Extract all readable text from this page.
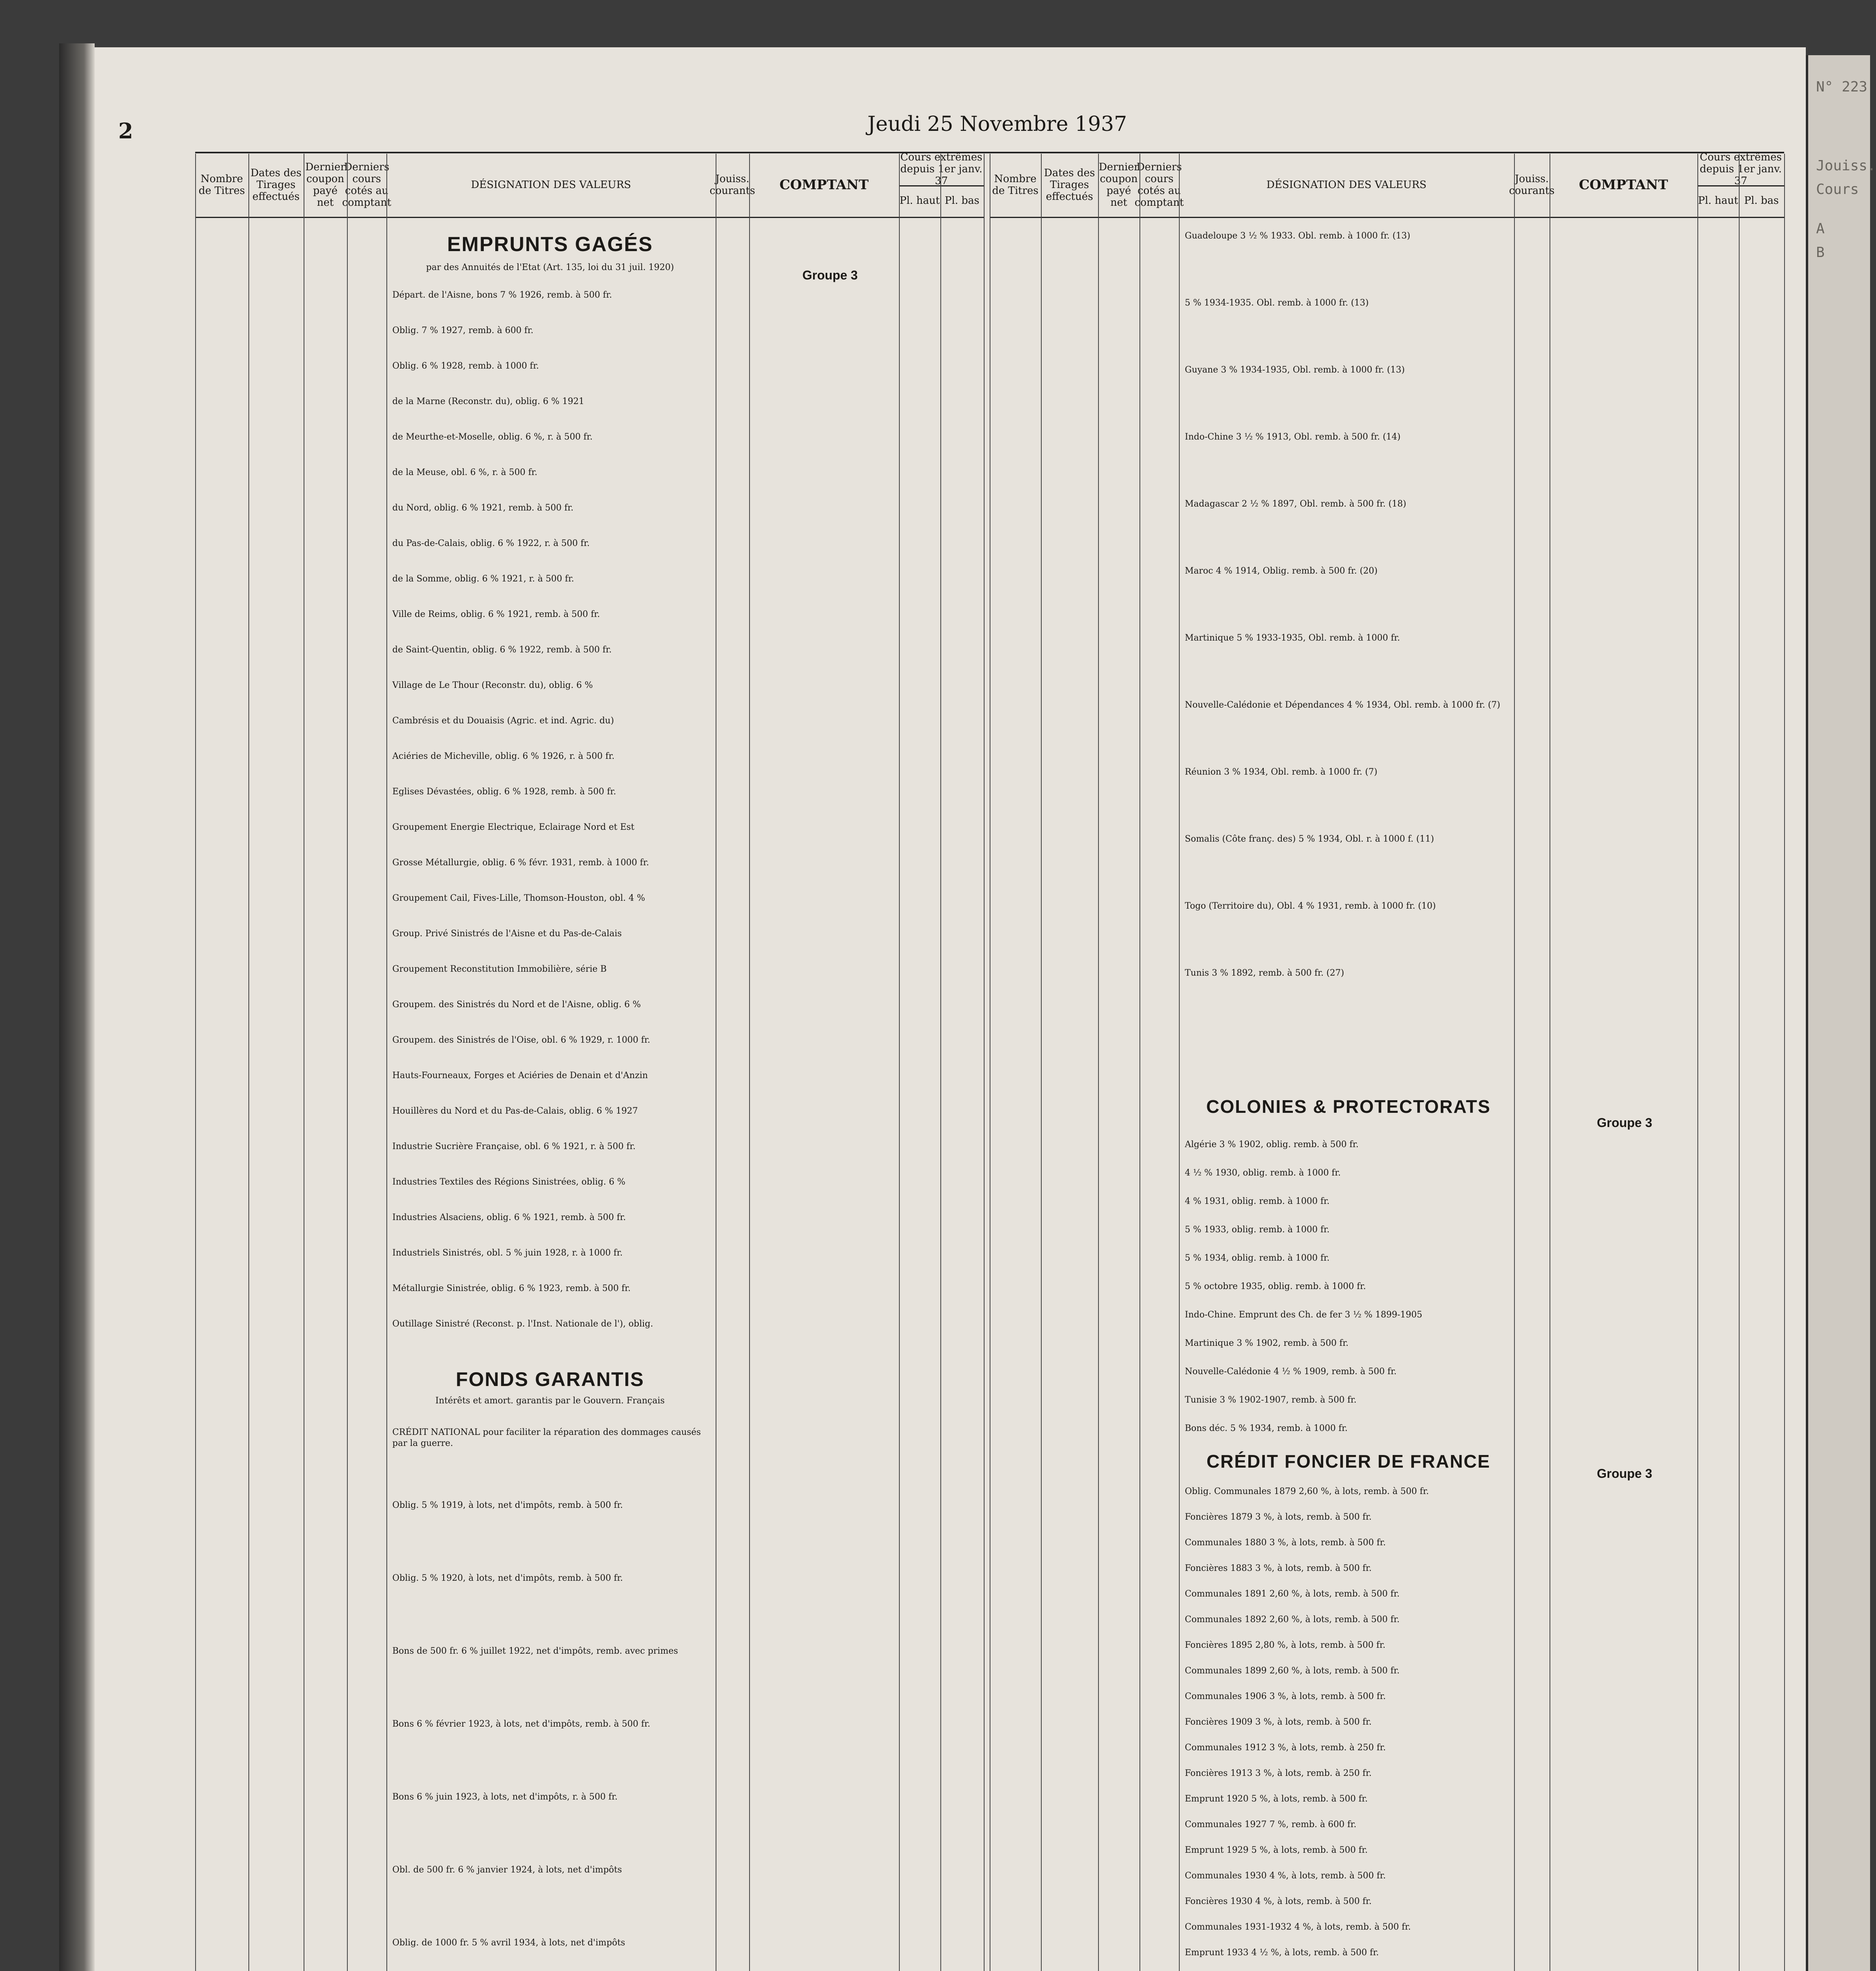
N° 223
Jouiss.
Cours
A
B
2	Jeudi 25 Novembre 1937
Nombre de Titres
Dates des Tirages effectués
Dernier coupon payé net
Derniers cours cotés au comptant
DÉSIGNATION DES VALEURS	Jouiss. courants	COMPTANT
Cours extrêmes depuis 1er janv. 37
Pl. haut Pl. bas
EMPRUNTS GAGÉS
par des Annuités de l'Etat (Art. 135, loi du 31 juil. 1920)
Groupe 3
Départ. de l'Aisne, bons 7 % 1926, remb. à 500 fr.
Oblig. 7 % 1927, remb. à 600 fr.
Oblig. 6 % 1928, remb. à 1000 fr.
de la Marne (Reconstr. du), oblig. 6 % 1921
de Meurthe-et-Moselle, oblig. 6 %, r. à 500 fr.
de la Meuse, obl. 6 %, r. à 500 fr.
du Nord, oblig. 6 % 1921, remb. à 500 fr.
du Pas-de-Calais, oblig. 6 % 1922, r. à 500 fr.
de la Somme, oblig. 6 % 1921, r. à 500 fr.
Ville de Reims, oblig. 6 % 1921, remb. à 500 fr.
de Saint-Quentin, oblig. 6 % 1922, remb. à 500 fr.
Village de Le Thour (Reconstr. du), oblig. 6 %
Cambrésis et du Douaisis (Agric. et ind. Agric. du)
Aciéries de Micheville, oblig. 6 % 1926, r. à 500 fr.
Eglises Dévastées, oblig. 6 % 1928, remb. à 500 fr.
Groupement Energie Electrique, Eclairage Nord et Est
Grosse Métallurgie, oblig. 6 % févr. 1931, remb. à 1000 fr.
Groupement Cail, Fives-Lille, Thomson-Houston, obl. 4 %
Group. Privé Sinistrés de l'Aisne et du Pas-de-Calais
Groupement Reconstitution Immobilière, série B
Groupem. des Sinistrés du Nord et de l'Aisne, oblig. 6 %
Groupem. des Sinistrés de l'Oise, obl. 6 % 1929, r. 1000 fr.
Hauts-Fourneaux, Forges et Aciéries de Denain et d'Anzin
Houillères du Nord et du Pas-de-Calais, oblig. 6 % 1927
Industrie Sucrière Française, obl. 6 % 1921, r. à 500 fr.
Industries Textiles des Régions Sinistrées, oblig. 6 %
Industries Alsaciens, oblig. 6 % 1921, remb. à 500 fr.
Industriels Sinistrés, obl. 5 % juin 1928, r. à 1000 fr.
Métallurgie Sinistrée, oblig. 6 % 1923, remb. à 500 fr.
Outillage Sinistré (Reconst. p. l'Inst. Nationale de l'), oblig.
FONDS GARANTIS
Intérêts et amort. garantis par le Gouvern. Français
CRÉDIT NATIONAL pour faciliter la réparation des dommages causés par la guerre.
Oblig. 5 % 1919, à lots, net d'impôts, remb. à 500 fr.
Oblig. 5 % 1920, à lots, net d'impôts, remb. à 500 fr.
Bons de 500 fr. 6 % juillet 1922, net d'impôts, remb. avec primes
Bons 6 % février 1923, à lots, net d'impôts, remb. à 500 fr.
Bons 6 % juin 1923, à lots, net d'impôts, r. à 500 fr.
Obl. de 500 fr. 6 % janvier 1924, à lots, net d'impôts
Oblig. de 1000 fr. 5 % avril 1934, à lots, net d'impôts
Nombre de Titres
Dates des Tirages effectués
Dernier coupon payé net
Derniers cours cotés au comptant
DÉSIGNATION DES VALEURS	Jouiss. courants	COMPTANT
Cours extrêmes depuis 1er janv. 37
Pl. haut Pl. bas
Guadeloupe 3 ½ % 1933. Obl. remb. à 1000 fr. (13)
5 % 1934-1935. Obl. remb. à 1000 fr. (13)
Guyane 3 % 1934-1935, Obl. remb. à 1000 fr. (13)
Indo-Chine 3 ½ % 1913, Obl. remb. à 500 fr. (14)
Madagascar 2 ½ % 1897, Obl. remb. à 500 fr. (18)
Maroc 4 % 1914, Oblig. remb. à 500 fr. (20)
Martinique 5 % 1933-1935, Obl. remb. à 1000 fr.
Nouvelle-Calédonie et Dépendances 4 % 1934, Obl. remb. à 1000 fr. (7)
Réunion 3 % 1934, Obl. remb. à 1000 fr. (7)
Somalis (Côte franç. des) 5 % 1934, Obl. r. à 1000 f. (11)
Togo (Territoire du), Obl. 4 % 1931, remb. à 1000 fr. (10)
Tunis 3 % 1892, remb. à 500 fr. (27)
COLONIES & PROTECTORATS
Groupe 3
Algérie 3 % 1902, oblig. remb. à 500 fr.
4 ½ % 1930, oblig. remb. à 1000 fr.
4 % 1931, oblig. remb. à 1000 fr.
5 % 1933, oblig. remb. à 1000 fr.
5 % 1934, oblig. remb. à 1000 fr.
5 % octobre 1935, oblig. remb. à 1000 fr.
Indo-Chine. Emprunt des Ch. de fer 3 ½ % 1899-1905
Martinique 3 % 1902, remb. à 500 fr.
Nouvelle-Calédonie 4 ½ % 1909, remb. à 500 fr.
Tunisie 3 % 1902-1907, remb. à 500 fr.
Bons déc. 5 % 1934, remb. à 1000 fr.
CRÉDIT FONCIER DE FRANCE
Groupe 3
Oblig. Communales 1879 2,60 %, à lots, remb. à 500 fr.
Foncières 1879 3 %, à lots, remb. à 500 fr.
Communales 1880 3 %, à lots, remb. à 500 fr.
Foncières 1883 3 %, à lots, remb. à 500 fr.
Communales 1891 2,60 %, à lots, remb. à 500 fr.
Communales 1892 2,60 %, à lots, remb. à 500 fr.
Foncières 1895 2,80 %, à lots, remb. à 500 fr.
Communales 1899 2,60 %, à lots, remb. à 500 fr.
Communales 1906 3 %, à lots, remb. à 500 fr.
Foncières 1909 3 %, à lots, remb. à 500 fr.
Communales 1912 3 %, à lots, remb. à 250 fr.
Foncières 1913 3 %, à lots, remb. à 250 fr.
Emprunt 1920 5 %, à lots, remb. à 500 fr.
Communales 1927 7 %, remb. à 600 fr.
Emprunt 1929 5 %, à lots, remb. à 500 fr.
Communales 1930 4 %, à lots, remb. à 500 fr.
Foncières 1930 4 %, à lots, remb. à 500 fr.
Communales 1931-1932 4 %, à lots, remb. à 500 fr.
Emprunt 1933 4 ½ %, à lots, remb. à 500 fr.
